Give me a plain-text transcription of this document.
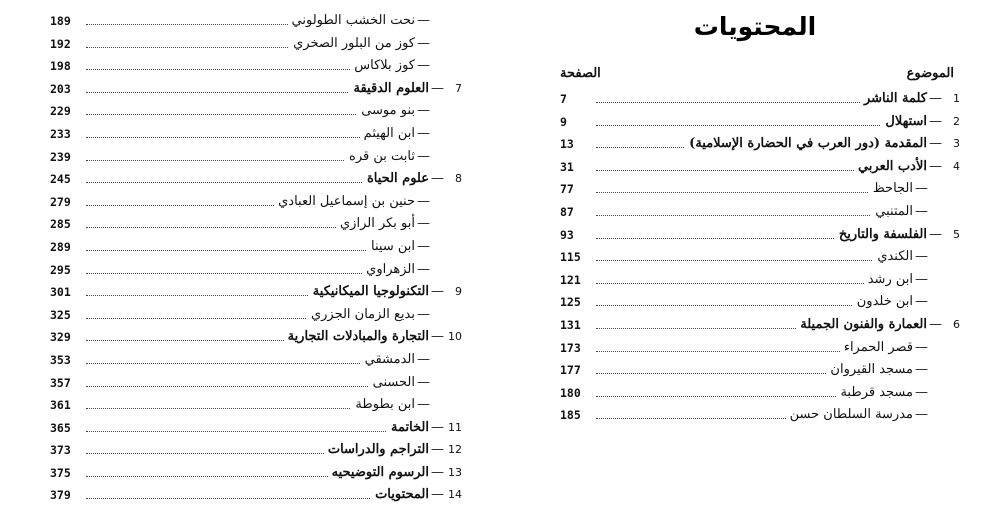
المحتويات
الموضوع
الصفحة
189	—نحت الخشب الطولوني
192	—كوز من البلور الصخري
198	—كوز بلاكاس
203	7—العلوم الدقيقة
229	—بنو موسى
233	—ابن الهيثم
239	—ثابت بن قره
245	8—علوم الحياة
279	—حنين بن إسماعيل العبادي
285	—أبو بكر الرازي
289	—ابن سينا
295	—الزهراوي
301	9—التكنولوجيا الميكانيكية
325	—بديع الزمان الجزري
329	10—التجارة والمبادلات التجارية
353	—الدمشقي
357	—الحسنى
361	—ابن بطوطة
365	11—الخاتمة
373	12—التراجم والدراسات
375	13—الرسوم التوضيحيه
379	14—المحتويات
7	1—كلمة الناشر
9	2—استهلال
13	3—المقدمة (دور العرب في الحضارة الإسلامية)
31	4—الأدب العربي
77	—الجاحظ
87	—المتنبي
93	5—الفلسفة والتاريخ
115	—الكندي
121	—ابن رشد
125	—ابن خلدون
131	6—العمارة والفنون الجميلة
173	—قصر الحمراء
177	—مسجد القيروان
180	—مسجد قرطبة
185	—مدرسة السلطان حسن
